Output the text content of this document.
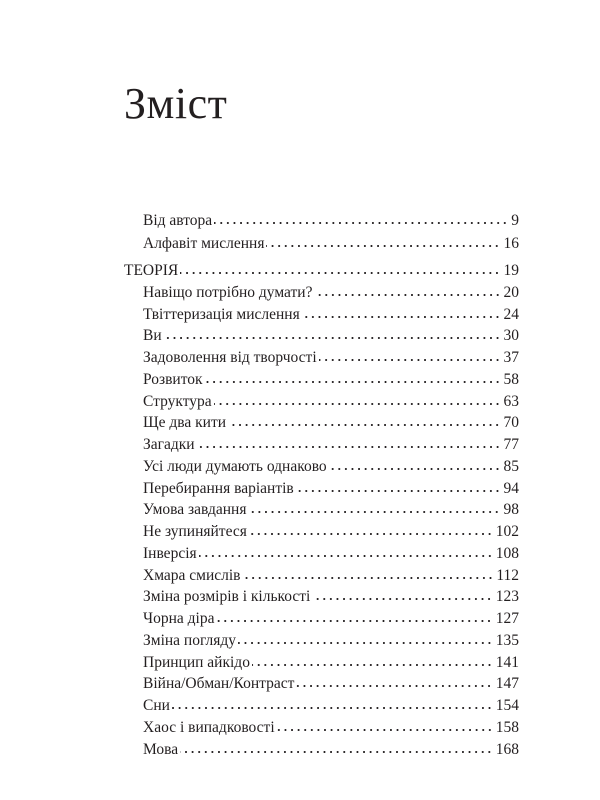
Зміст
Від автора	9
Алфавіт мислення	16
ТЕОРІЯ	19
Навіщо потрібно думати?	20
Твіттеризація мислення	24
Ви	30
Задоволення від творчості	37
Розвиток	58
Структура	63
Ще два кити	70
Загадки	77
Усі люди думають однаково	85
Перебирання варіантів	94
Умова завдання	98
Не зупиняйтеся	102
Інверсія	108
Хмара смислів	112
Зміна розмірів і кількості	123
Чорна діра	127
Зміна погляду	135
Принцип айкідо	141
Війна/Обман/Контраст	147
Сни	154
Хаос і випадковості	158
Мова	168
